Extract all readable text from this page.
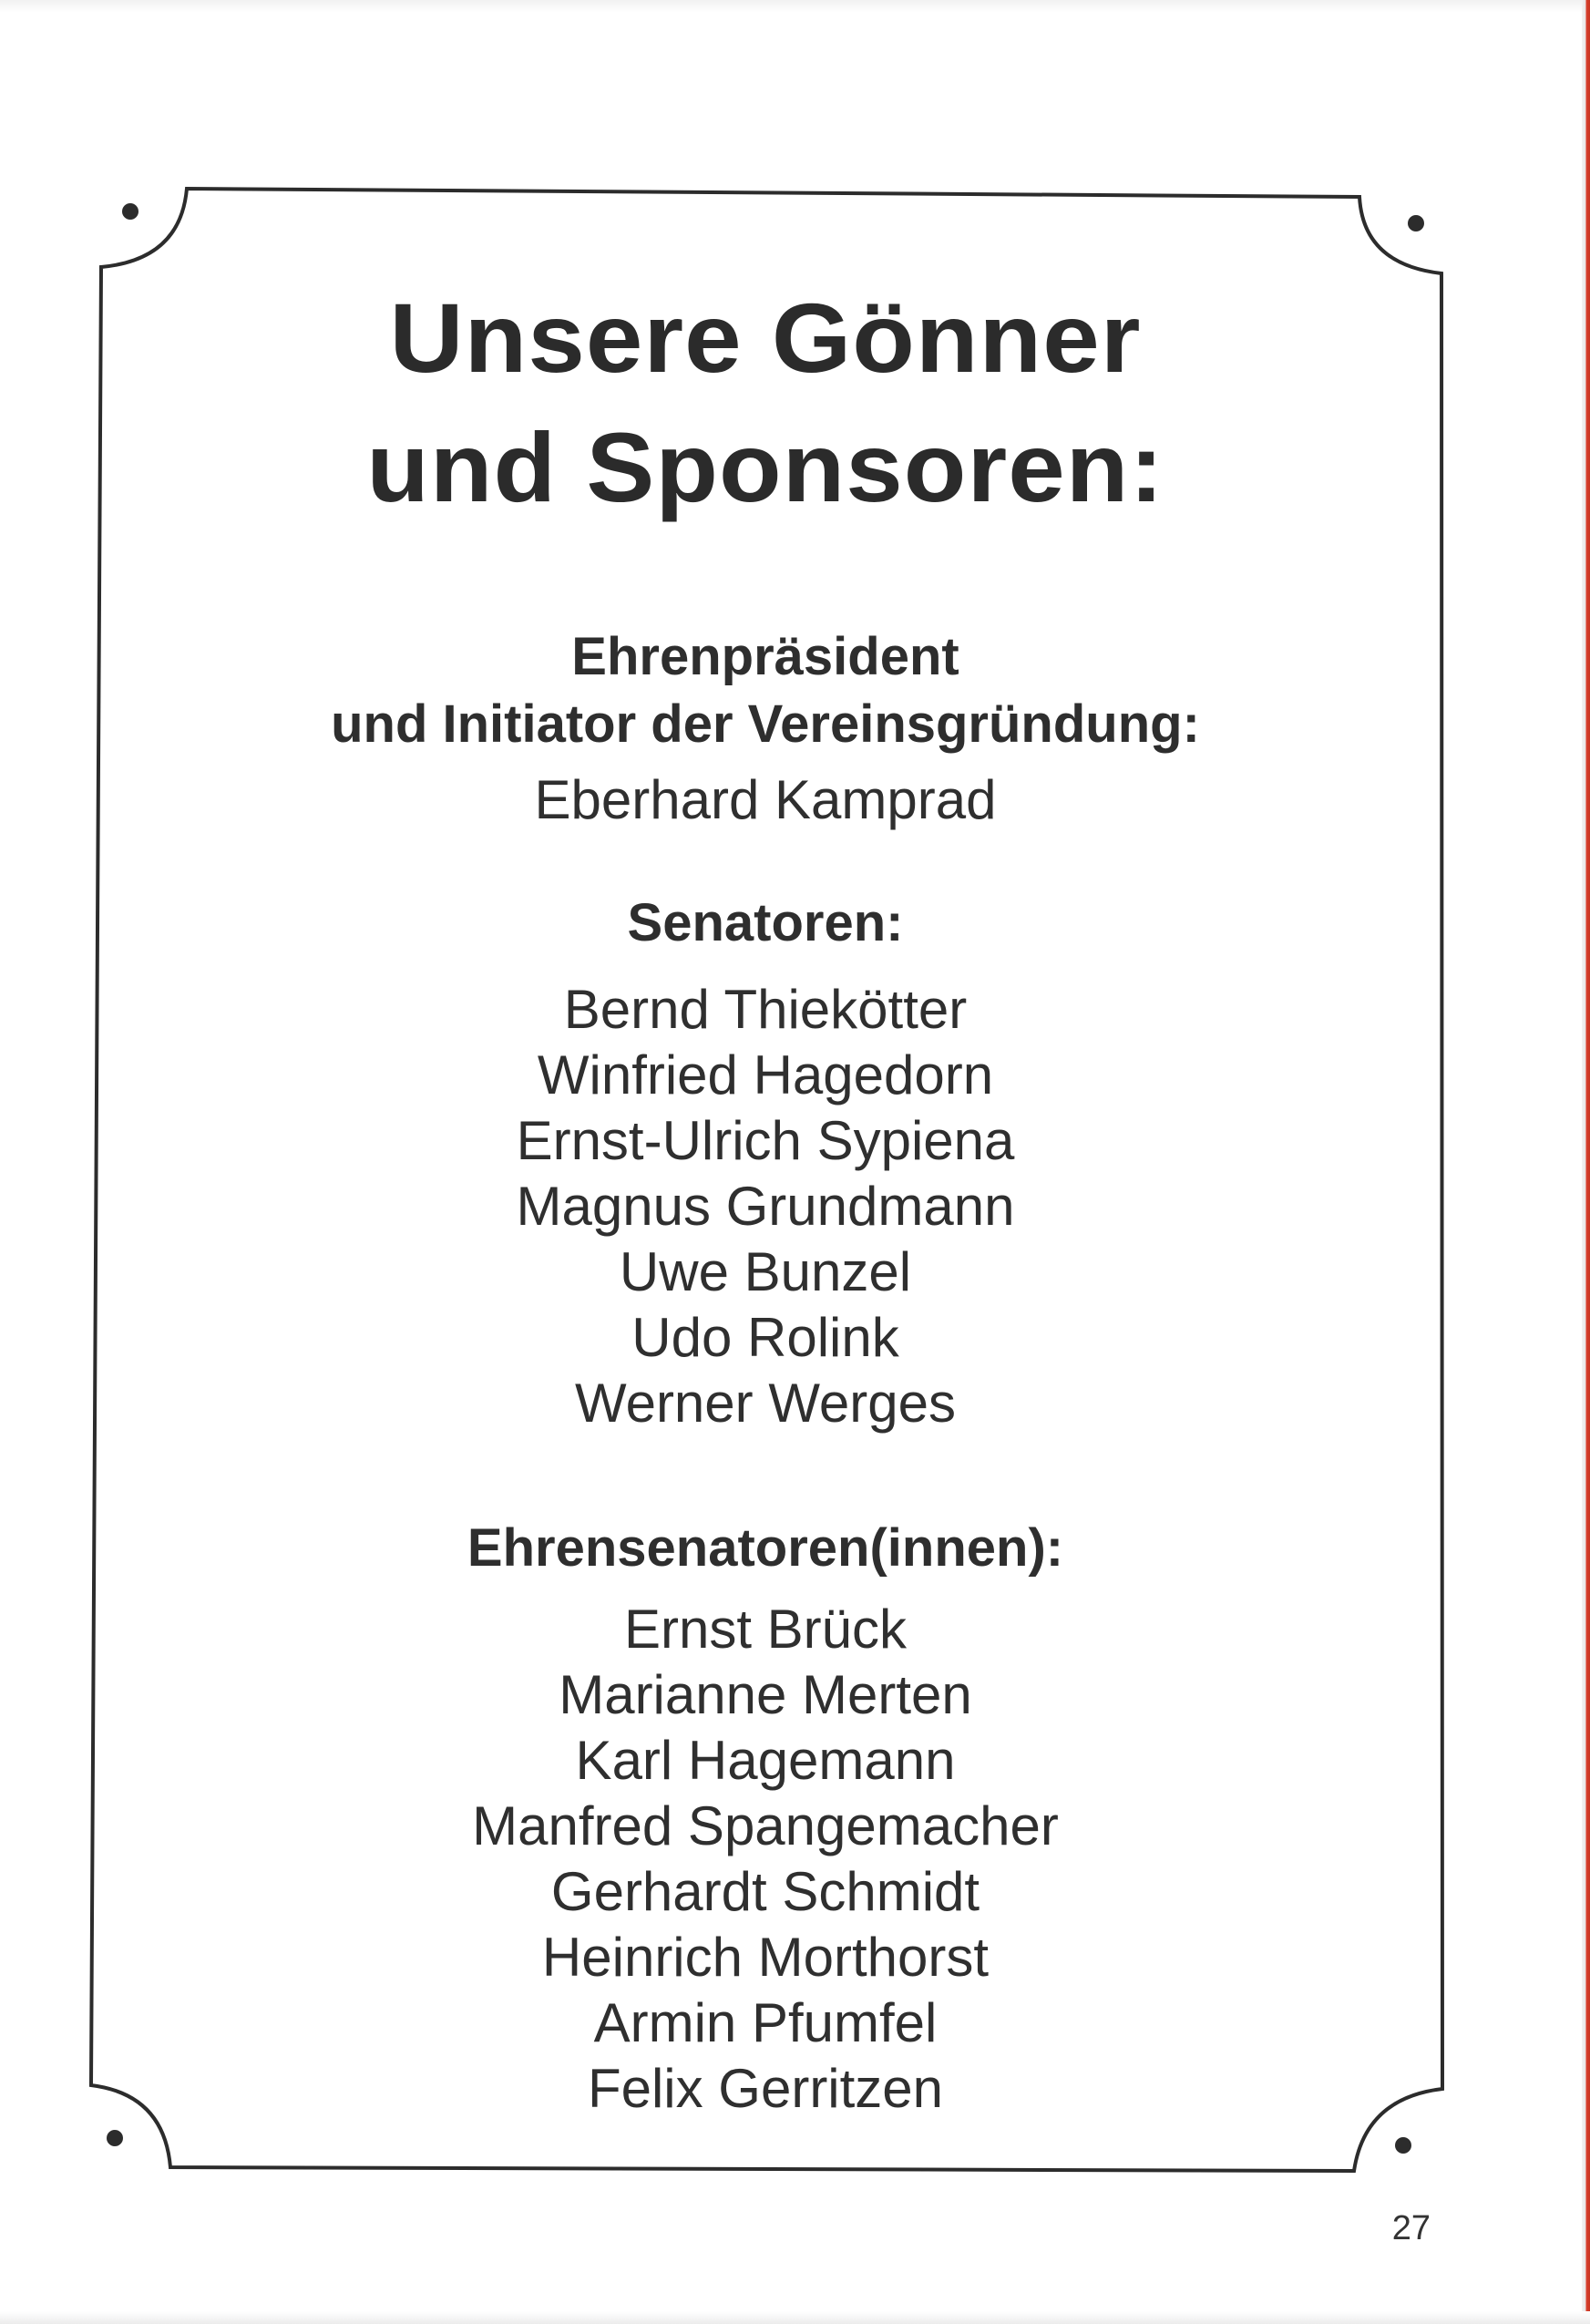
Unsere Gönner

und Sponsoren:

Ehrenpräsident

und Initiator der Vereinsgründung:

Eberhard Kamprad

Senatoren:

Bernd Thiekötter

Winfried Hagedorn

Ernst-Ulrich Sypiena

Magnus Grundmann

Uwe Bunzel

Udo Rolink

Werner Werges

Ehrensenatoren(innen):

Ernst Brück

Marianne Merten

Karl Hagemann

Manfred Spangemacher

Gerhardt Schmidt

Heinrich Morthorst

Armin Pfumfel

Felix Gerritzen

27
